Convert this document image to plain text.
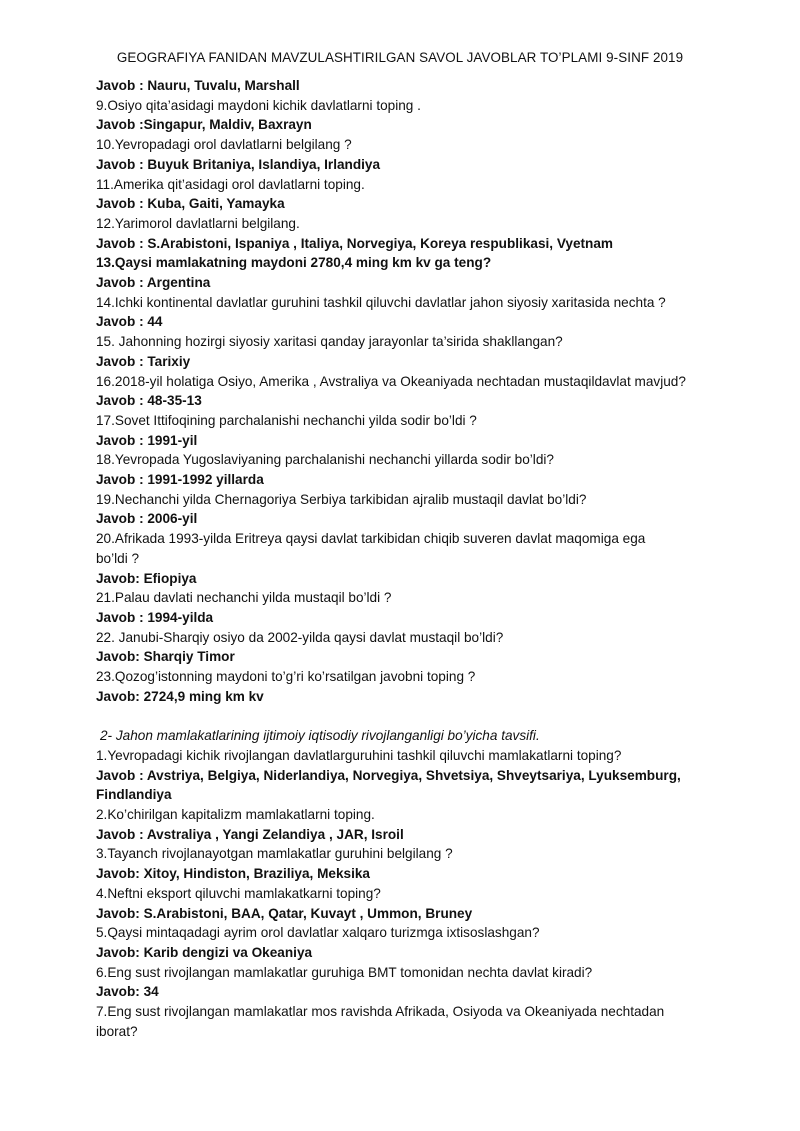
GEOGRAFIYA FANIDAN MAVZULASHTIRILGAN SAVOL JAVOBLAR TO’PLAMI 9-SINF 2019
Javob : Nauru, Tuvalu, Marshall
9.Osiyo qita’asidagi maydoni kichik davlatlarni toping .
Javob :Singapur, Maldiv, Baxrayn
10.Yevropadagi orol davlatlarni belgilang ?
Javob : Buyuk Britaniya, Islandiya, Irlandiya
11.Amerika qit’asidagi orol davlatlarni toping.
Javob : Kuba, Gaiti, Yamayka
12.Yarimorol davlatlarni belgilang.
Javob : S.Arabistoni, Ispaniya , Italiya, Norvegiya, Koreya respublikasi, Vyetnam
13.Qaysi mamlakatning maydoni 2780,4 ming km kv ga teng?
Javob : Argentina
14.Ichki kontinental davlatlar guruhini tashkil qiluvchi davlatlar jahon siyosiy xaritasida nechta ?
Javob : 44
15. Jahonning hozirgi siyosiy xaritasi qanday jarayonlar ta’sirida shakllangan?
Javob : Tarixiy
16.2018-yil holatiga Osiyo, Amerika , Avstraliya va Okeaniyada nechtadan mustaqildavlat mavjud?
Javob : 48-35-13
17.Sovet Ittifoqining parchalanishi nechanchi yilda sodir bo’ldi ?
Javob : 1991-yil
18.Yevropada Yugoslaviyaning parchalanishi nechanchi yillarda sodir bo’ldi?
Javob : 1991-1992 yillarda
19.Nechanchi yilda Chernagoriya Serbiya tarkibidan ajralib mustaqil davlat bo’ldi?
Javob : 2006-yil
20.Afrikada 1993-yilda Eritreya qaysi davlat tarkibidan chiqib suveren davlat maqomiga ega
bo’ldi ?
Javob: Efiopiya
21.Palau davlati nechanchi yilda mustaqil bo’ldi ?
Javob : 1994-yilda
22. Janubi-Sharqiy osiyo da 2002-yilda qaysi davlat mustaqil bo’ldi?
Javob: Sharqiy Timor
23.Qozog’istonning maydoni to’g’ri ko’rsatilgan javobni toping ?
Javob: 2724,9 ming km kv
2- Jahon mamlakatlarining ijtimoiy iqtisodiy rivojlanganligi bo’yicha tavsifi.
1.Yevropadagi kichik rivojlangan davlatlarguruhini tashkil qiluvchi mamlakatlarni toping?
Javob : Avstriya, Belgiya, Niderlandiya, Norvegiya, Shvetsiya, Shveytsariya, Lyuksemburg,
Findlandiya
2.Ko’chirilgan kapitalizm mamlakatlarni toping.
Javob : Avstraliya , Yangi Zelandiya , JAR, Isroil
3.Tayanch rivojlanayotgan mamlakatlar guruhini belgilang ?
Javob: Xitoy, Hindiston, Braziliya, Meksika
4.Neftni eksport qiluvchi mamlakatkarni toping?
Javob: S.Arabistoni, BAA, Qatar, Kuvayt , Ummon, Bruney
5.Qaysi mintaqadagi ayrim orol davlatlar xalqaro turizmga ixtisoslashgan?
Javob: Karib dengizi va Okeaniya
6.Eng sust rivojlangan mamlakatlar guruhiga BMT tomonidan nechta davlat kiradi?
Javob: 34
7.Eng sust rivojlangan mamlakatlar mos ravishda Afrikada, Osiyoda va Okeaniyada nechtadan
iborat?
